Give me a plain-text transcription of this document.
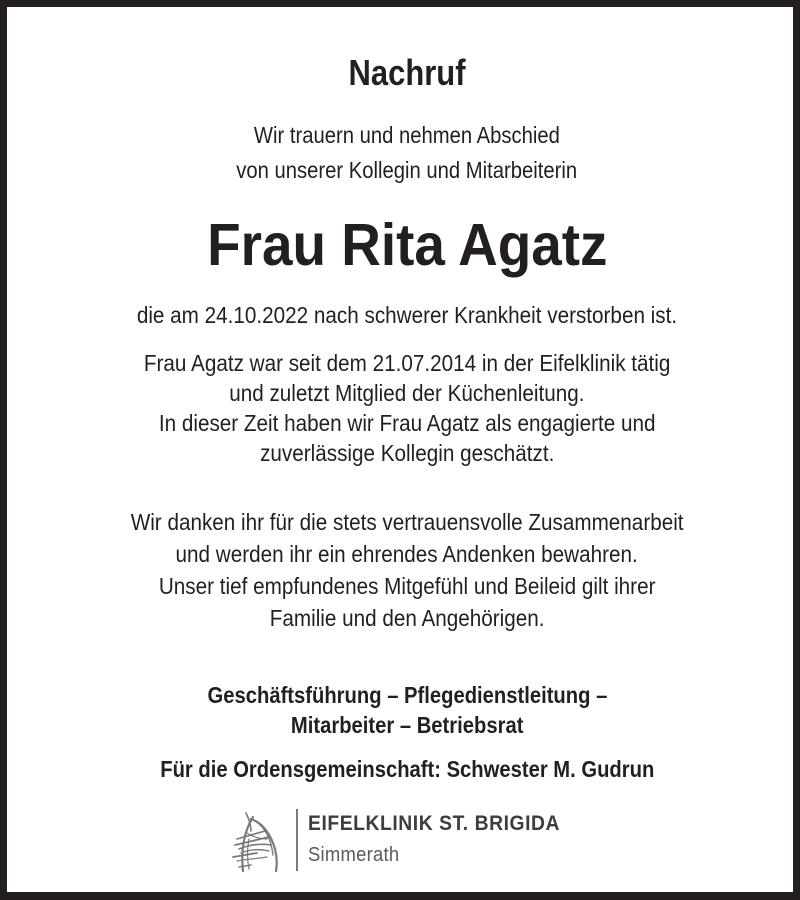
Nachruf
Wir trauern und nehmen Abschied
von unserer Kollegin und Mitarbeiterin
Frau Rita Agatz
die am 24.10.2022 nach schwerer Krankheit verstorben ist.
Frau Agatz war seit dem 21.07.2014 in der Eifelklinik tätig
und zuletzt Mitglied der Küchenleitung.
In dieser Zeit haben wir Frau Agatz als engagierte und
zuverlässige Kollegin geschätzt.
Wir danken ihr für die stets vertrauensvolle Zusammenarbeit
und werden ihr ein ehrendes Andenken bewahren.
Unser tief empfundenes Mitgefühl und Beileid gilt ihrer
Familie und den Angehörigen.
Geschäftsführung – Pflegedienstleitung –
Mitarbeiter – Betriebsrat
Für die Ordensgemeinschaft: Schwester M. Gudrun
EIFELKLINIK ST. BRIGIDA
Simmerath
